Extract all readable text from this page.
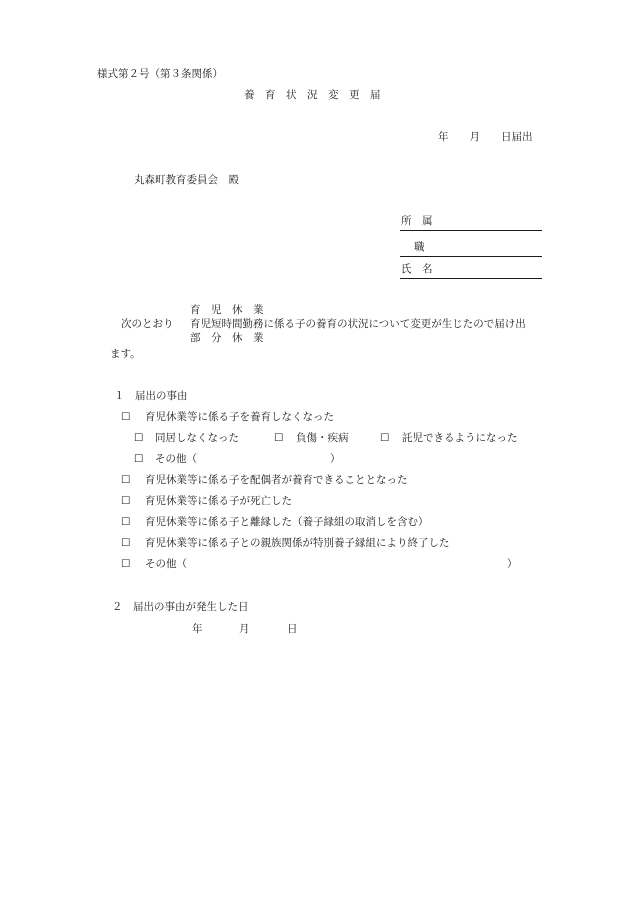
様式第２号（第３条関係）
養　育　状　況　変　更　届
年　　月　　日届出
丸森町教育委員会　殿
所　属
職
氏　名
育　児　休　業
次のとおり 育児短時間勤務に係る子の養育の状況について変更が生じたので届け出
部　分　休　業
ます。
１　届出の事由
☐ 育児休業等に係る子を養育しなくなった
☐ 同居しなくなった	☐ 負傷・疾病	☐ 託児できるようになった
☐ その他（	）
☐ 育児休業等に係る子を配偶者が養育できることとなった
☐ 育児休業等に係る子が死亡した
☐ 育児休業等に係る子と離縁した（養子縁組の取消しを含む）
☐ 育児休業等に係る子との親族関係が特別養子縁組により終了した
☐ その他（	）
２　届出の事由が発生した日
年	月	日
